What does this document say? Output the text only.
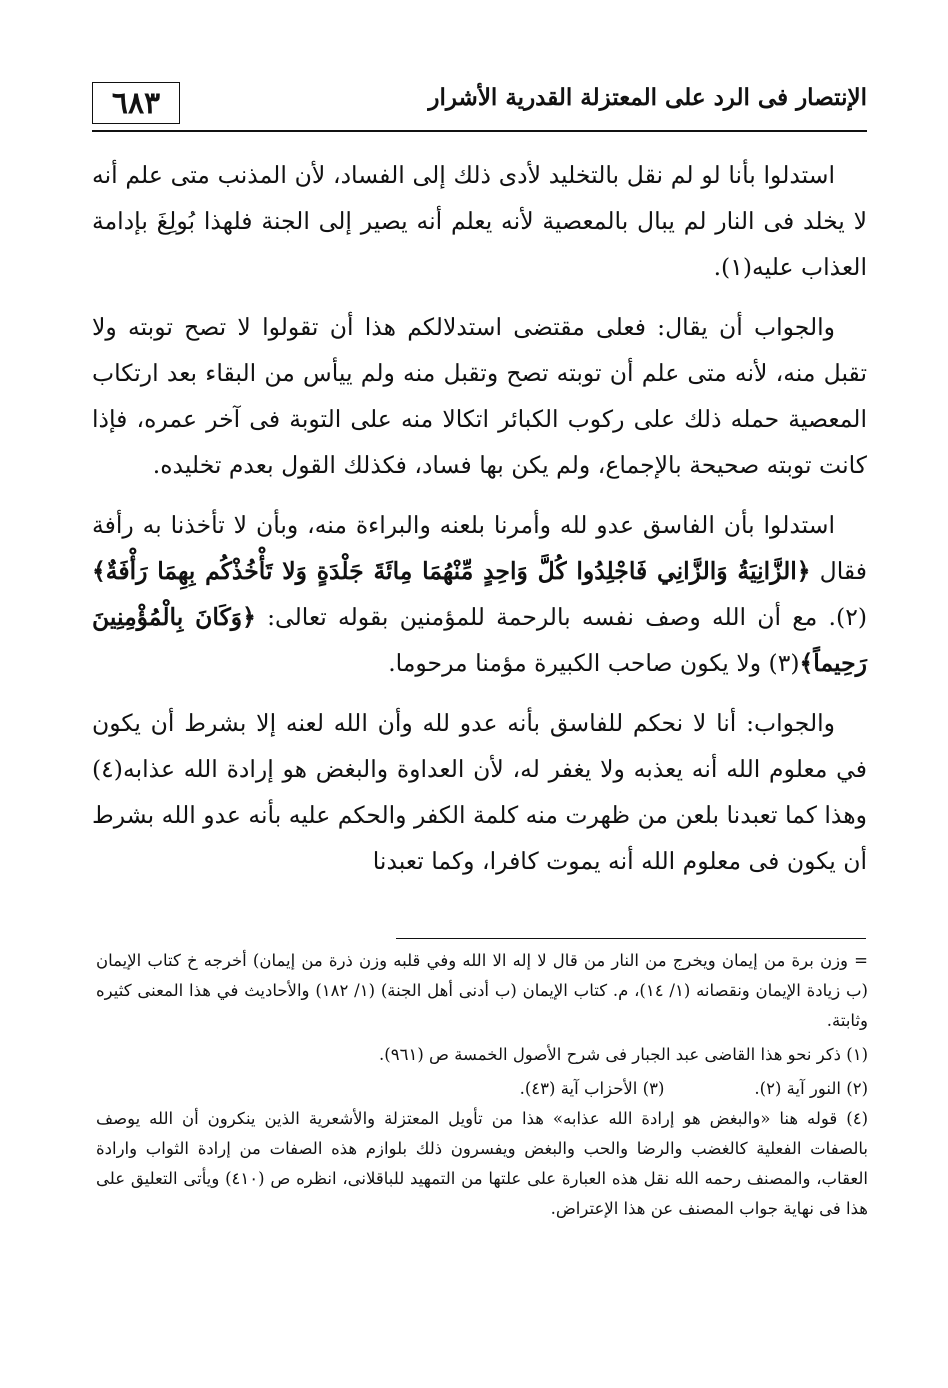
٦٨٣	الإنتصار فى الرد على المعتزلة القدرية الأشرار

استدلوا بأنا لو لم نقل بالتخليد لأدى ذلك إلى الفساد، لأن المذنب متى علم أنه لا يخلد فى النار لم يبال بالمعصية لأنه يعلم أنه يصير إلى الجنة فلهذا بُولِغَ بإدامة العذاب عليه(١).

والجواب أن يقال: فعلى مقتضى استدلالكم هذا أن تقولوا لا تصح توبته ولا تقبل منه، لأنه متى علم أن توبته تصح وتقبل منه ولم ييأس من البقاء بعد ارتكاب المعصية حمله ذلك على ركوب الكبائر اتكالا منه على التوبة فى آخر عمره، فإذا كانت توبته صحيحة بالإجماع، ولم يكن بها فساد، فكذلك القول بعدم تخليده.

استدلوا بأن الفاسق عدو لله وأمرنا بلعنه والبراءة منه، وبأن لا تأخذنا به رأفة فقال ﴿الزَّانِيَةُ وَالزَّانِي فَاجْلِدُوا كُلَّ وَاحِدٍ مِّنْهُمَا مِائَةَ جَلْدَةٍ وَلا تَأْخُذْكُم بِهِمَا رَأْفَةٌ﴾(٢). مع أن الله وصف نفسه بالرحمة للمؤمنين بقوله تعالى: ﴿وَكَانَ بِالْمُؤْمِنِينَ رَحِيماً﴾(٣) ولا يكون صاحب الكبيرة مؤمنا مرحوما.

والجواب: أنا لا نحكم للفاسق بأنه عدو لله وأن الله لعنه إلا بشرط أن يكون في معلوم الله أنه يعذبه ولا يغفر له، لأن العداوة والبغض هو إرادة الله عذابه(٤) وهذا كما تعبدنا بلعن من ظهرت منه كلمة الكفر والحكم عليه بأنه عدو الله بشرط أن يكون فى معلوم الله أنه يموت كافرا، وكما تعبدنا

= وزن برة من إيمان ويخرج من النار من قال لا إله الا الله وفي قلبه وزن ذرة من إيمان) أخرجه خ كتاب الإيمان (ب زيادة الإيمان ونقصانه (١/ ١٤)، م. كتاب الإيمان (ب أدنى أهل الجنة) (١/ ١٨٢) والأحاديث في هذا المعنى كثيره وثابتة.

(١) ذكر نحو هذا القاضى عبد الجبار فى شرح الأصول الخمسة ص (٩٦١).

(٢) النور آية (٢).
(٣) الأحزاب آية (٤٣).

(٤) قوله هنا «والبغض هو إرادة الله عذابه» هذا من تأويل المعتزلة والأشعرية الذين ينكرون أن الله يوصف بالصفات الفعلية كالغضب والرضا والحب والبغض ويفسرون ذلك بلوازم هذه الصفات من إرادة الثواب وارادة العقاب، والمصنف رحمه الله نقل هذه العبارة على علتها من التمهيد للباقلانى، انظره ص (٤١٠) ويأتى التعليق على هذا فى نهاية جواب المصنف عن هذا الإعتراض.
